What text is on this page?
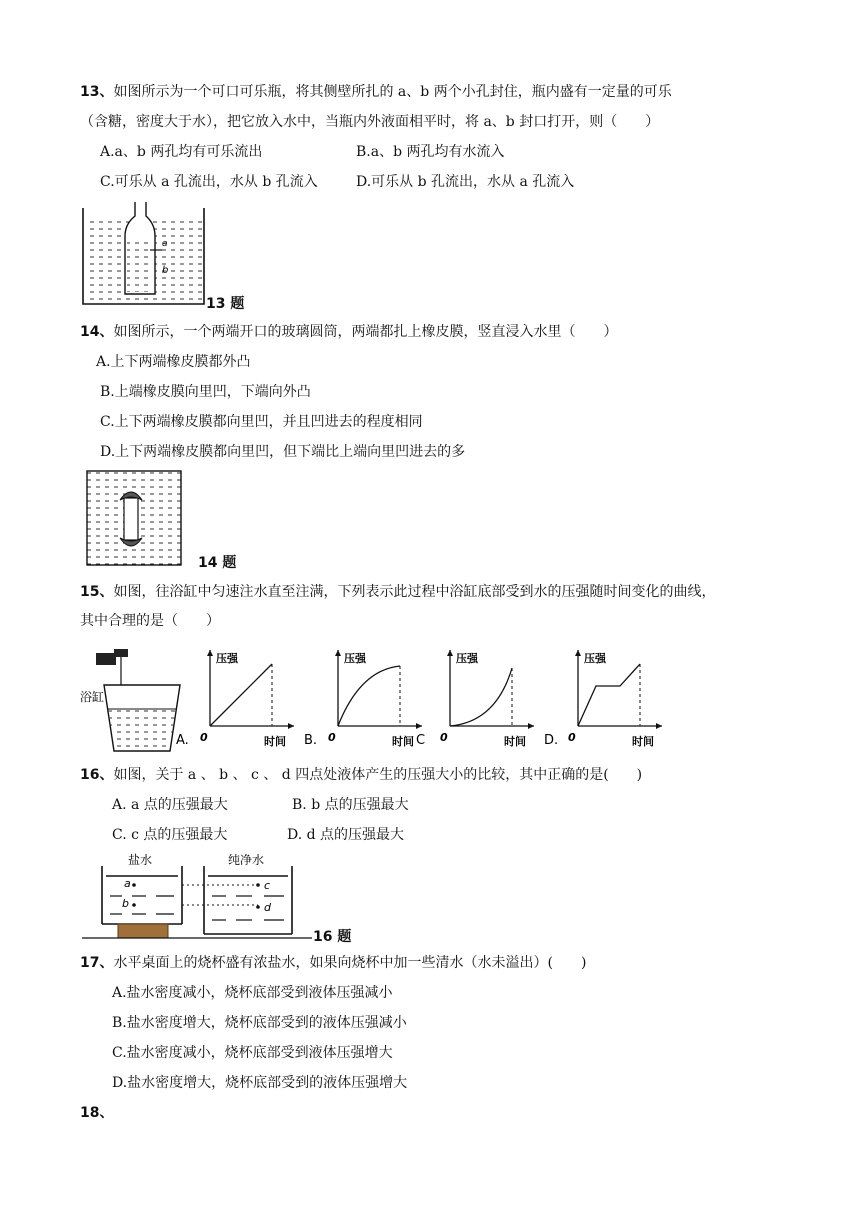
13、如图所示为一个可口可乐瓶，将其侧壁所扎的 a、b 两个小孔封住，瓶内盛有一定量的可乐
（含糖，密度大于水），把它放入水中，当瓶内外液面相平时，将 a、b 封口打开，则（　　）
A.a、b 两孔均有可乐流出	B.a、b 两孔均有水流入
C.可乐从 a 孔流出，水从 b 孔流入	D.可乐从 b 孔流出，水从 a 孔流入
a
b
13 题
14、如图所示，一个两端开口的玻璃圆筒，两端都扎上橡皮膜，竖直浸入水里（　　）
A.上下两端橡皮膜都外凸
B.上端橡皮膜向里凹，下端向外凸
C.上下两端橡皮膜都向里凹，并且凹进去的程度相同
D.上下两端橡皮膜都向里凹，但下端比上端向里凹进去的多
14 题
15、如图，往浴缸中匀速注水直至注满，下列表示此过程中浴缸底部受到水的压强随时间变化的曲线，
其中合理的是（　　）
浴缸
压强
时间
0
A.
压强
时间
0
B.
压强
时间
0
C
压强
时间
0
D.
16、如图，关于 a 、 b 、 c 、 d 四点处液体产生的压强大小的比较，其中正确的是(　　)
A. a 点的压强最大	B. b 点的压强最大
C. c 点的压强最大	D. d 点的压强最大
盐水
a
b
纯净水
c
d
16 题
17、水平桌面上的烧杯盛有浓盐水，如果向烧杯中加一些清水（水未溢出）(　　)
A.盐水密度减小，烧杯底部受到液体压强减小
B.盐水密度增大，烧杯底部受到的液体压强减小
C.盐水密度减小，烧杯底部受到液体压强增大
D.盐水密度增大，烧杯底部受到的液体压强增大
18、
